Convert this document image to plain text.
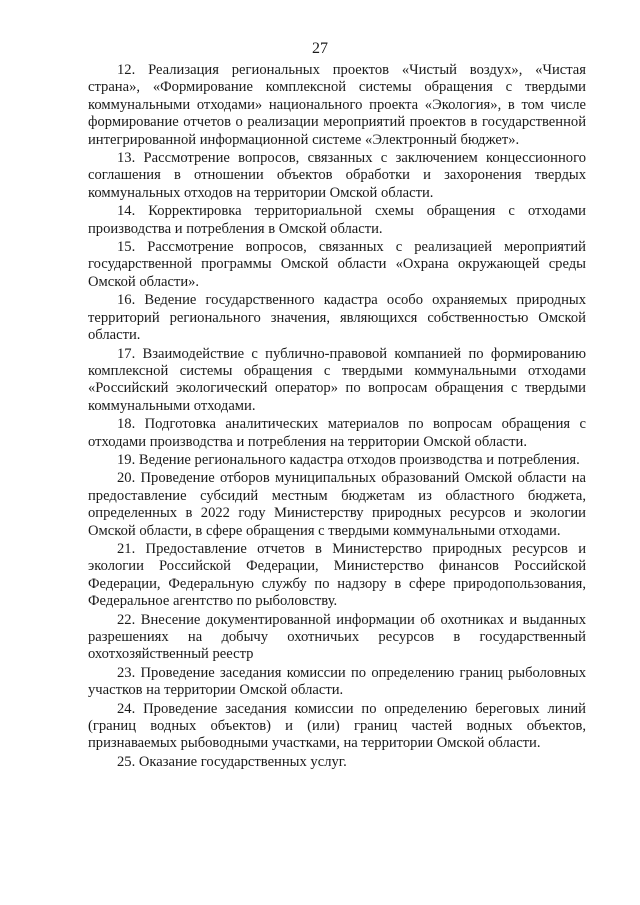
27

12. Реализация региональных проектов «Чистый воздух», «Чистая страна», «Формирование комплексной системы обращения с твердыми коммунальными отходами» национального проекта «Экология», в том числе формирование отчетов о реализации мероприятий проектов в государственной интегрированной информационной системе «Электронный бюджет».

13. Рассмотрение вопросов, связанных с заключением концессионного соглашения в отношении объектов обработки и захоронения твердых коммунальных отходов на территории Омской области.

14. Корректировка территориальной схемы обращения с отходами производства и потребления в Омской области.

15. Рассмотрение вопросов, связанных с реализацией мероприятий государственной программы Омской области «Охрана окружающей среды Омской области».

16. Ведение государственного кадастра особо охраняемых природных территорий регионального значения, являющихся собственностью Омской области.

17. Взаимодействие с публично-правовой компанией по формированию комплексной системы обращения с твердыми коммунальными отходами «Российский экологический оператор» по вопросам обращения с твердыми коммунальными отходами.

18. Подготовка аналитических материалов по вопросам обращения с отходами производства и потребления на территории Омской области.

19. Ведение регионального кадастра отходов производства и потребления.

20. Проведение отборов муниципальных образований Омской области на предоставление субсидий местным бюджетам из областного бюджета, определенных в 2022 году Министерству природных ресурсов и экологии Омской области, в сфере обращения с твердыми коммунальными отходами.

21. Предоставление отчетов в Министерство природных ресурсов и экологии Российской Федерации, Министерство финансов Российской Федерации, Федеральную службу по надзору в сфере природопользования, Федеральное агентство по рыболовству.

22. Внесение документированной информации об охотниках и выданных разрешениях на добычу охотничьих ресурсов в государственный охотхозяйственный реестр

23. Проведение заседания комиссии по определению границ рыболовных участков на территории Омской области.

24. Проведение заседания комиссии по определению береговых линий (границ водных объектов) и (или) границ частей водных объектов, признаваемых рыбоводными участками, на территории Омской области.

25. Оказание государственных услуг.
